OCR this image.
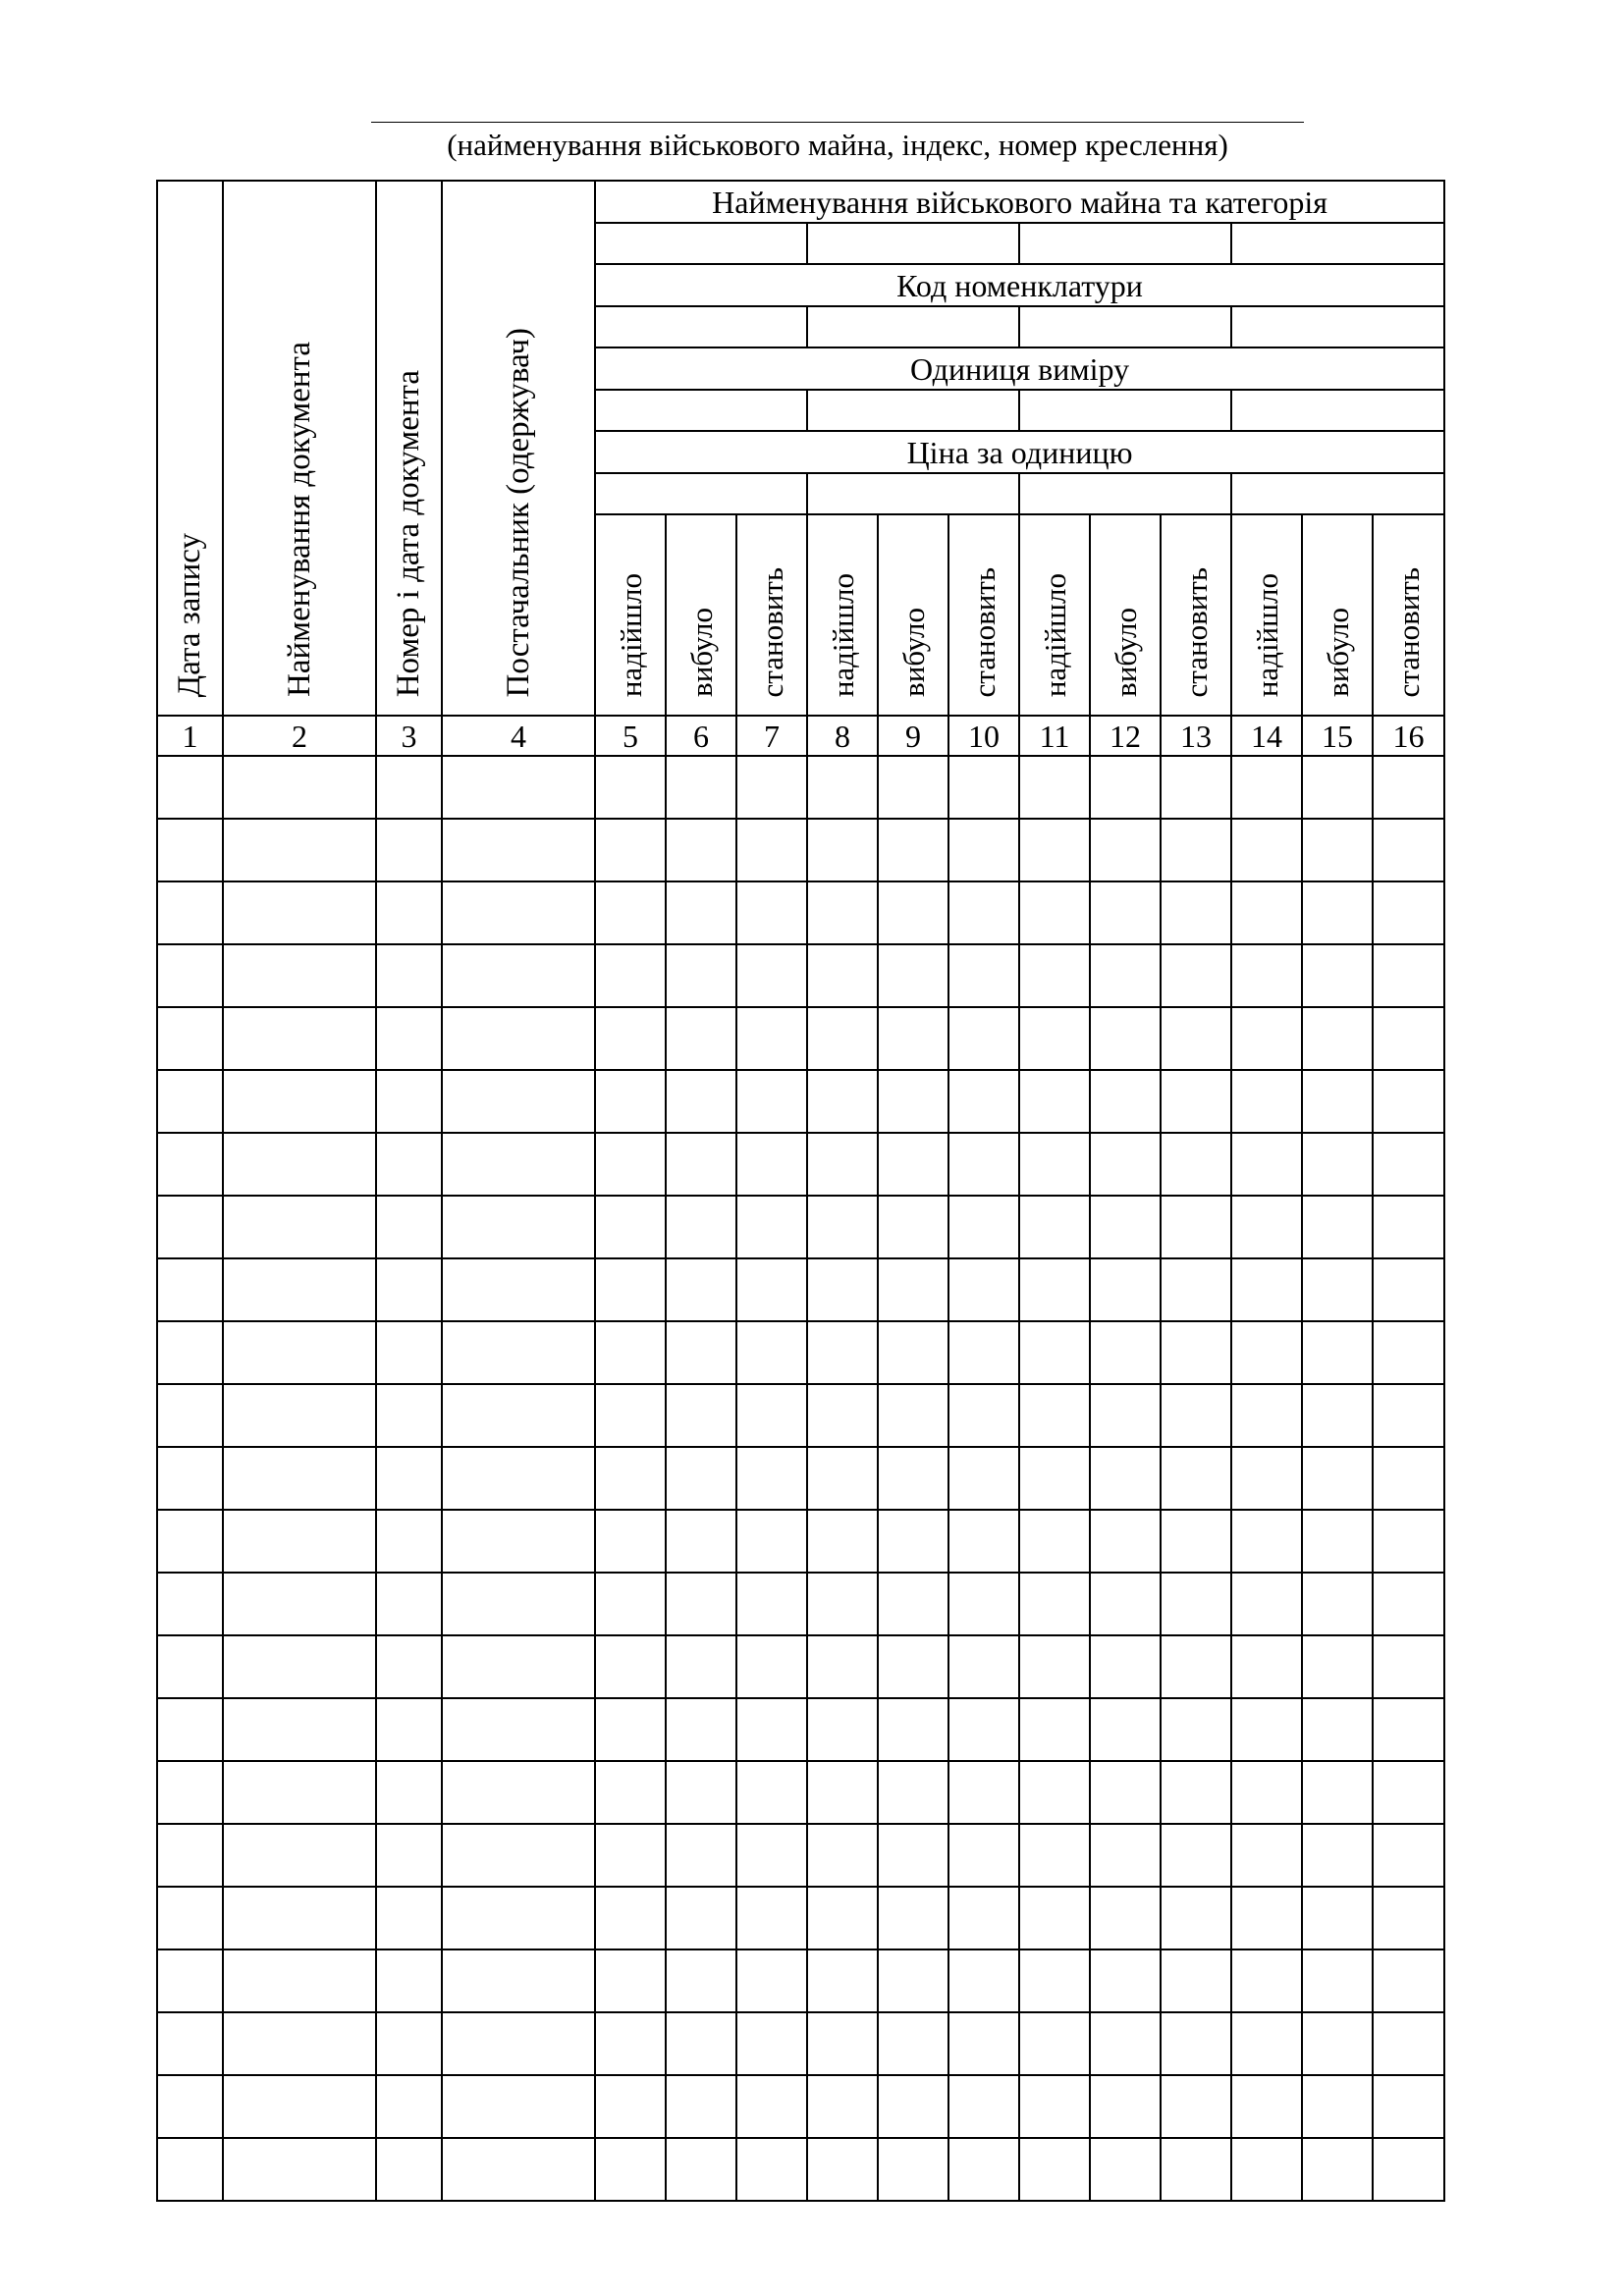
(найменування військового майна, індекс, номер креслення)
Дата запису	Найменування документа	Номер і дата документа	Постачальник (одержувач)	Найменування військового майна та категорія											

				Код номенклатури											

				Одиниця виміру											

				Ціна за одиницю											

				надійшло	вибуло	становить	надійшло	вибуло	становить	надійшло	вибуло	становить	надійшло	вибуло	становить

1	2	3	4	5	6	7	8	9	10	11	12	13	14	15	16
